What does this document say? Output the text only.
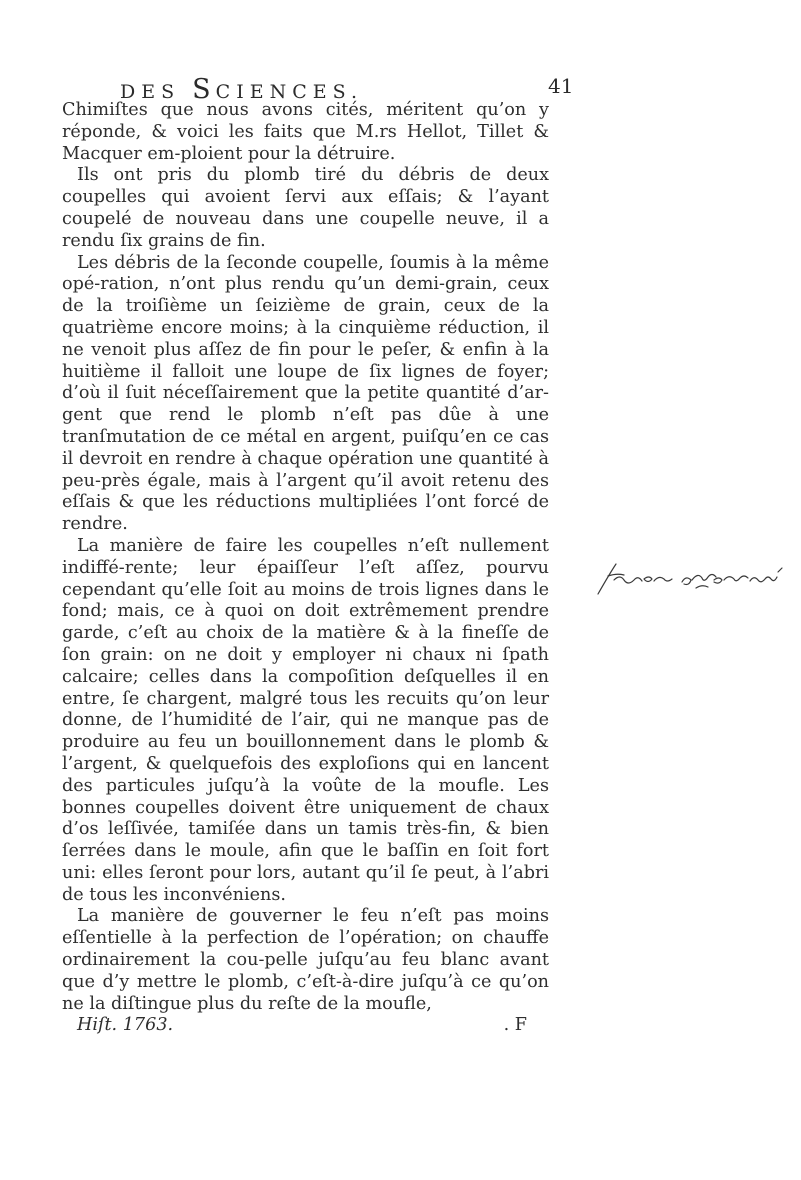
DES SCIENCES.	41

Chimiſtes que nous avons cités, méritent qu’on y réponde, & voici les faits que M.rs Hellot, Tillet & Macquer em-ploient pour la détruire.

Ils ont pris du plomb tiré du débris de deux coupelles qui avoient ſervi aux eſſais; & l’ayant coupelé de nouveau dans une coupelle neuve, il a rendu ſix grains de fin.

Les débris de la ſeconde coupelle, ſoumis à la même opé-ration, n’ont plus rendu qu’un demi-grain, ceux de la troiſième un ſeizième de grain, ceux de la quatrième encore moins; à la cinquième réduction, il ne venoit plus aſſez de fin pour le peſer, & enfin à la huitième il falloit une loupe de ſix lignes de foyer; d’où il ſuit néceſſairement que la petite quantité d’ar-gent que rend le plomb n’eſt pas dûe à une tranſmutation de ce métal en argent, puiſqu’en ce cas il devroit en rendre à chaque opération une quantité à peu-près égale, mais à l’argent qu’il avoit retenu des eſſais & que les réductions multipliées l’ont forcé de rendre.

La manière de faire les coupelles n’eſt nullement indiffé-rente; leur épaiſſeur l’eſt aſſez, pourvu cependant qu’elle ſoit au moins de trois lignes dans le fond; mais, ce à quoi on doit extrêmement prendre garde, c’eſt au choix de la matière & à la fineſſe de ſon grain: on ne doit y employer ni chaux ni ſpath calcaire; celles dans la compoſition deſquelles il en entre, ſe chargent, malgré tous les recuits qu’on leur donne, de l’humidité de l’air, qui ne manque pas de produire au feu un bouillonnement dans le plomb & l’argent, & quelquefois des exploſions qui en lancent des particules juſqu’à la voûte de la moufle. Les bonnes coupelles doivent être uniquement de chaux d’os leſſivée, tamiſée dans un tamis très-fin, & bien ſerrées dans le moule, afin que le baſſin en ſoit fort uni: elles ſeront pour lors, autant qu’il ſe peut, à l’abri de tous les inconvéniens.

La manière de gouverner le feu n’eſt pas moins eſſentielle à la perfection de l’opération; on chauffe ordinairement la cou-pelle juſqu’au feu blanc avant que d’y mettre le plomb, c’eſt-à-dire juſqu’à ce qu’on ne la diſtingue plus du reſte de la moufle,

Hiſt. 1763.	. F
